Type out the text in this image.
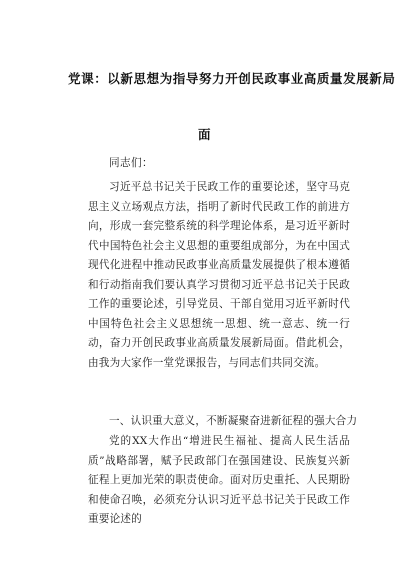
党课：以新思想为指导努力开创民政事业高质量发展新局
面
同志们：
习近平总书记关于民政工作的重要论述，坚守马克思主义立场观点方法，指明了新时代民政工作的前进方向，形成一套完整系统的科学理论体系，是习近平新时代中国特色社会主义思想的重要组成部分，为在中国式现代化进程中推动民政事业高质量发展提供了根本遵循和行动指南我们要认真学习贯彻习近平总书记关于民政工作的重要论述，引导党员、干部自觉用习近平新时代中国特色社会主义思想统一思想、统一意志、统一行动，奋力开创民政事业高质量发展新局面。借此机会，由我为大家作一堂党课报告，与同志们共同交流。
一、认识重大意义，不断凝聚奋进新征程的强大合力
党的XX大作出“增进民生福祉、提高人民生活品质”战略部署，赋予民政部门在强国建设、民族复兴新征程上更加光荣的职责使命。面对历史重托、人民期盼和使命召唤，必须充分认识习近平总书记关于民政工作重要论述的
